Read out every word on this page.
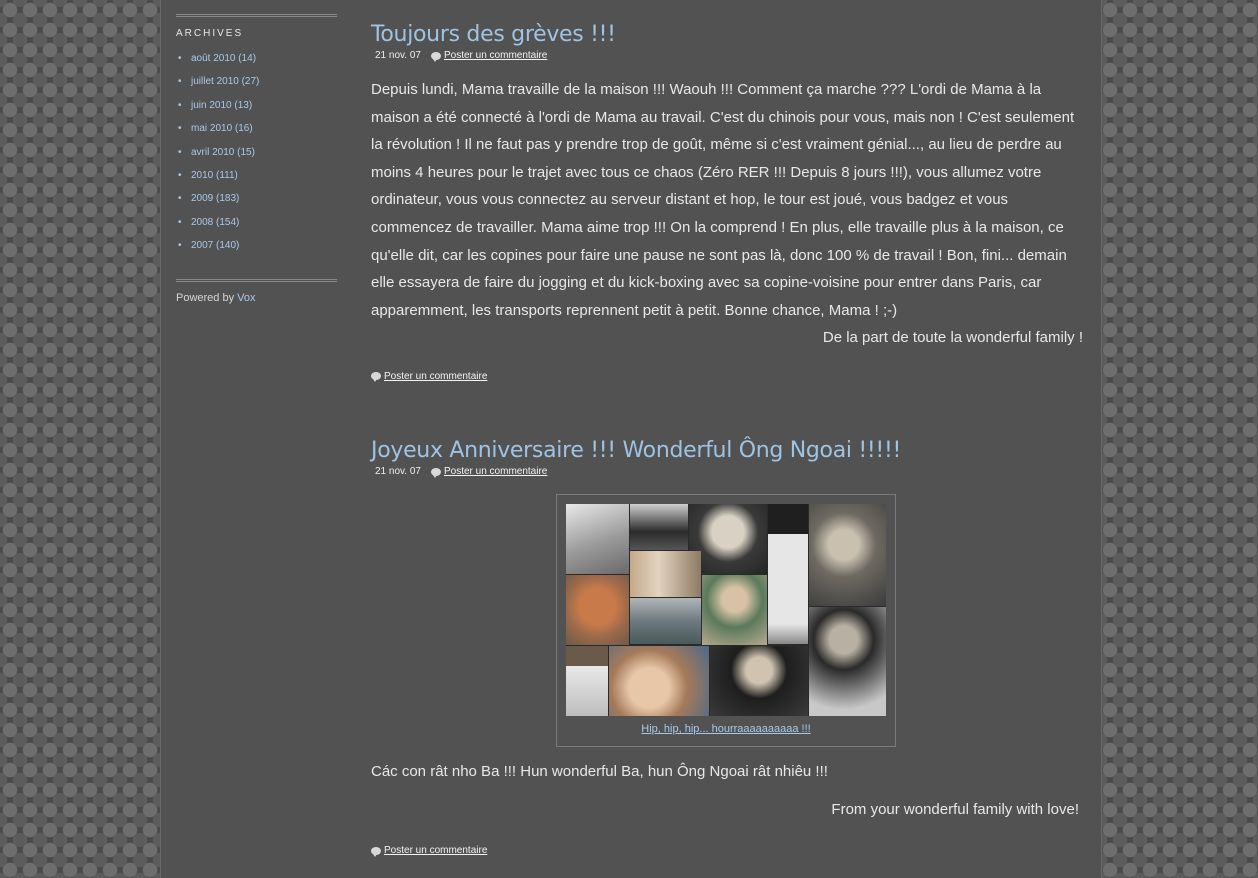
ARCHIVES
• août 2010 (14)
• juillet 2010 (27)
• juin 2010 (13)
• mai 2010 (16)
• avril 2010 (15)
• 2010 (111)
• 2009 (183)
• 2008 (154)
• 2007 (140)
Powered by Vox
Toujours des grèves !!!
21 nov. 07 Poster un commentaire

Depuis lundi, Mama travaille de la maison !!! Waouh !!! Comment ça marche ??? L'ordi de Mama à la maison a été connecté à l'ordi de Mama au travail. C'est du chinois pour vous, mais non ! C'est seulement la révolution ! Il ne faut pas y prendre trop de goût, même si c'est vraiment génial..., au lieu de perdre au moins 4 heures pour le trajet avec tous ce chaos (Zéro RER !!! Depuis 8 jours !!!), vous allumez votre ordinateur, vous vous connectez au serveur distant et hop, le tour est joué, vous badgez et vous commencez de travailler. Mama aime trop !!! On la comprend ! En plus, elle travaille plus à la maison, ce qu'elle dit, car les copines pour faire une pause ne sont pas là, donc 100 % de travail ! Bon, fini... demain elle essayera de faire du jogging et du kick-boxing avec sa copine-voisine pour entrer dans Paris, car apparemment, les transports reprennent petit à petit. Bonne chance, Mama ! ;-)

De la part de toute la wonderful family !

Poster un commentaire
Joyeux Anniversaire !!! Wonderful Ông Ngoai !!!!!
21 nov. 07 Poster un commentaire
Hip, hip, hip... hourraaaaaaaaaa !!!
Các con rât nho Ba !!! Hun wonderful Ba, hun Ông Ngoai rât nhiêu !!!
From your wonderful family with love!
Poster un commentaire
